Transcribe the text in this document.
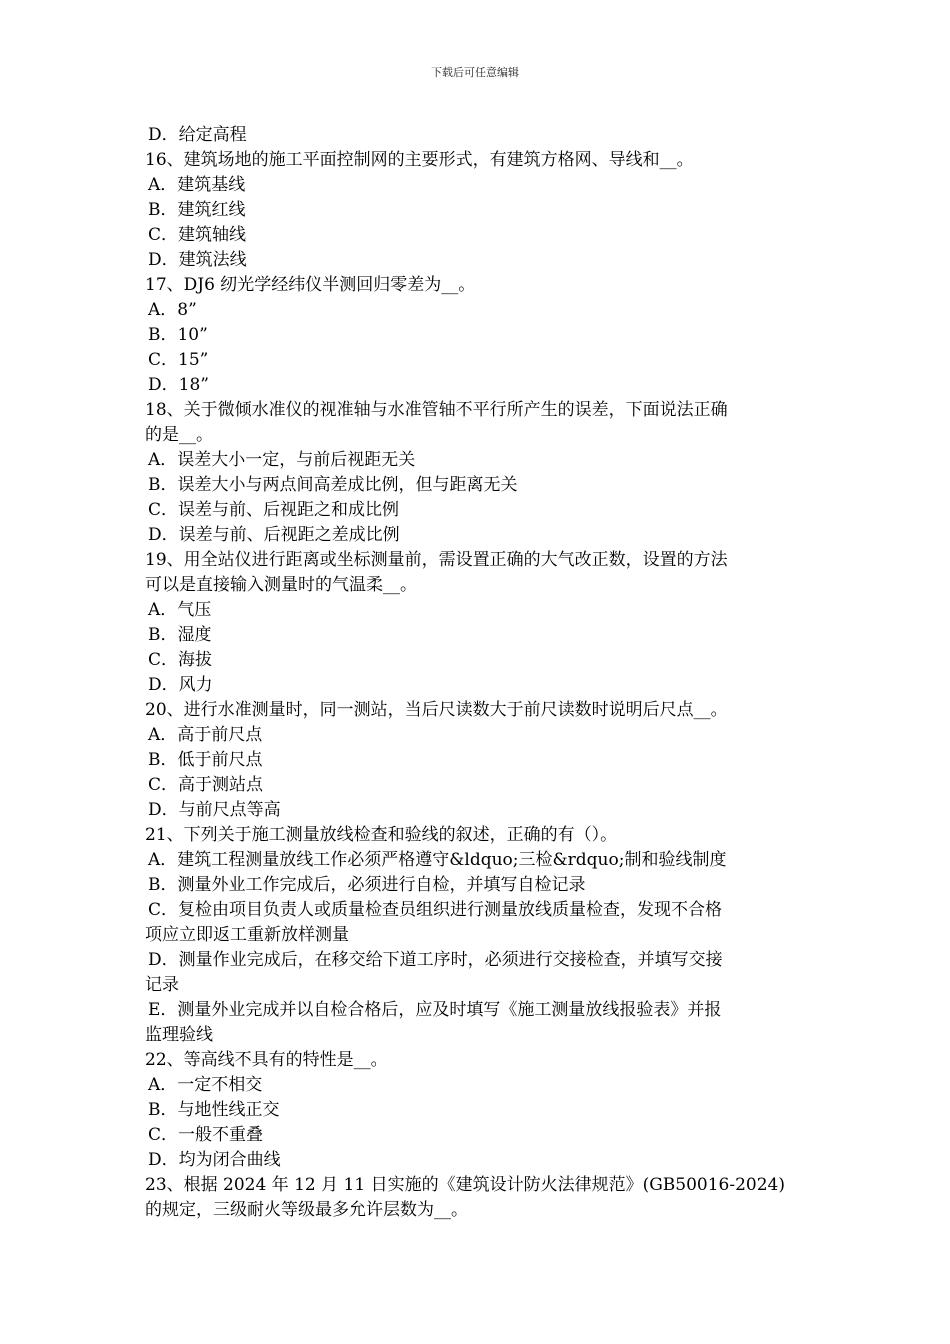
下载后可任意编辑
D．给定高程
16、建筑场地的施工平面控制网的主要形式，有建筑方格网、导线和__。
A．建筑基线
B．建筑红线
C．建筑轴线
D．建筑法线
17、DJ6 纫光学经纬仪半测回归零差为__。
A．8”
B．10”
C．15”
D．18”
18、关于微倾水准仪的视准轴与水准管轴不平行所产生的误差，下面说法正确
的是__。
A．误差大小一定，与前后视距无关
B．误差大小与两点间高差成比例，但与距离无关
C．误差与前、后视距之和成比例
D．误差与前、后视距之差成比例
19、用全站仪进行距离或坐标测量前，需设置正确的大气改正数，设置的方法
可以是直接输入测量时的气温柔__。
A．气压
B．湿度
C．海拔
D．风力
20、进行水准测量时，同一测站，当后尺读数大于前尺读数时说明后尺点__。
A．高于前尺点
B．低于前尺点
C．高于测站点
D．与前尺点等高
21、下列关于施工测量放线检查和验线的叙述，正确的有（）。
A．建筑工程测量放线工作必须严格遵守&ldquo;三检&rdquo;制和验线制度
B．测量外业工作完成后，必须进行自检，并填写自检记录
C．复检由项目负责人或质量检查员组织进行测量放线质量检查，发现不合格
项应立即返工重新放样测量
D．测量作业完成后，在移交给下道工序时，必须进行交接检查，并填写交接
记录
E．测量外业完成并以自检合格后，应及时填写《施工测量放线报验表》并报
监理验线
22、等高线不具有的特性是__。
A．一定不相交
B．与地性线正交
C．一般不重叠
D．均为闭合曲线
23、根据 2024 年 12 月 11 日实施的《建筑设计防火法律规范》(GB50016-2024)
的规定，三级耐火等级最多允许层数为__。
